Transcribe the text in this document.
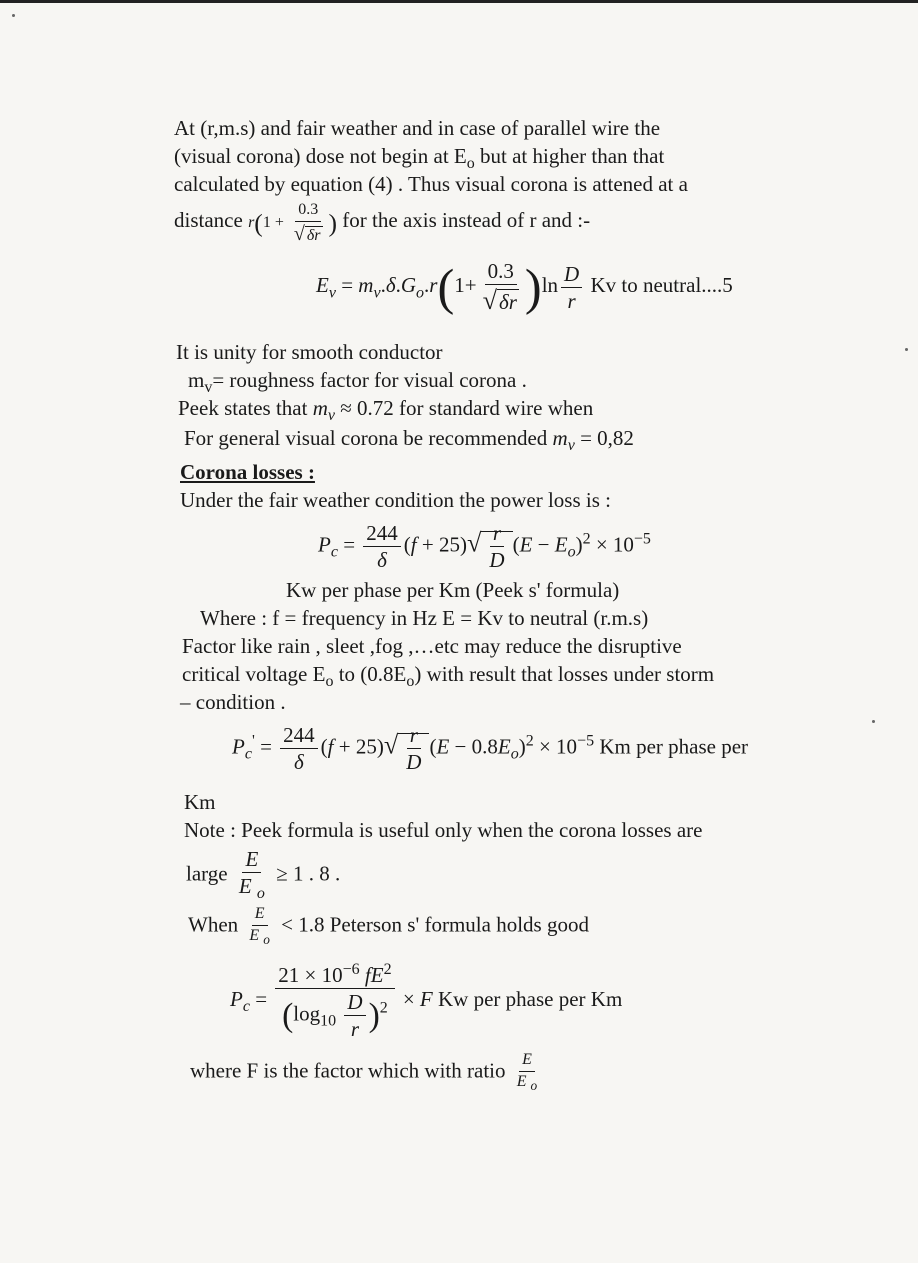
At (r,m.s) and fair weather and in case of parallel wire the
(visual corona) dose not begin at $E_o$ but at higher than that
calculated by equation (4) . Thus visual corona is attened at a
distance $r(1 + \frac{0.3}{√ \delta r}$ ) for the axis instead of r and :-
$E_v = m_v.\delta.G_o.r(1+ \frac{0.3}{√\delta r} )\ln \frac{D}{r}$ Kv to neutral....5
It is unity for smooth conductor
$m_v=$ roughness factor for visual corona .
Peek states that $m_v \approx 0.72$ for standard wire when
For general visual corona be recommended $m_v = 0,82$
Corona losses :
Under the fair weather condition the power loss is :
$P_c = \frac{244}{\delta} (f + 25)√ \frac{r}{D} (E - E_o)^2 \times 10^{-5}$
Kw per phase per Km (Peek s' formula)
Where : f = frequency in Hz E = Kv to neutral (r.m.s)
Factor like rain , sleet ,fog ,…etc may reduce the disruptive
critical voltage $E_o$ to $(0.8E_o)$ with result that losses under storm
– condition .
$P_c' = \frac{244}{\delta} (f + 25)√ \frac{r}{D} (E - 0.8E_o)^2 \times 10^{-5}$ Km per phase per
Km
Note : Peek formula is useful only when the corona losses are
large $\frac{E}{E _o} \ge 1$ . 8 .
When $\frac{E}{E _o} < 1.8$ Peterson s' formula holds good
$P_c = \frac{21 \times 10^{-6} fE^2}{(\log_{10} \frac{D}{r} )^2} \times F$ Kw per phase per Km
where F is the factor which with ratio $\frac{E}{E _o}$
